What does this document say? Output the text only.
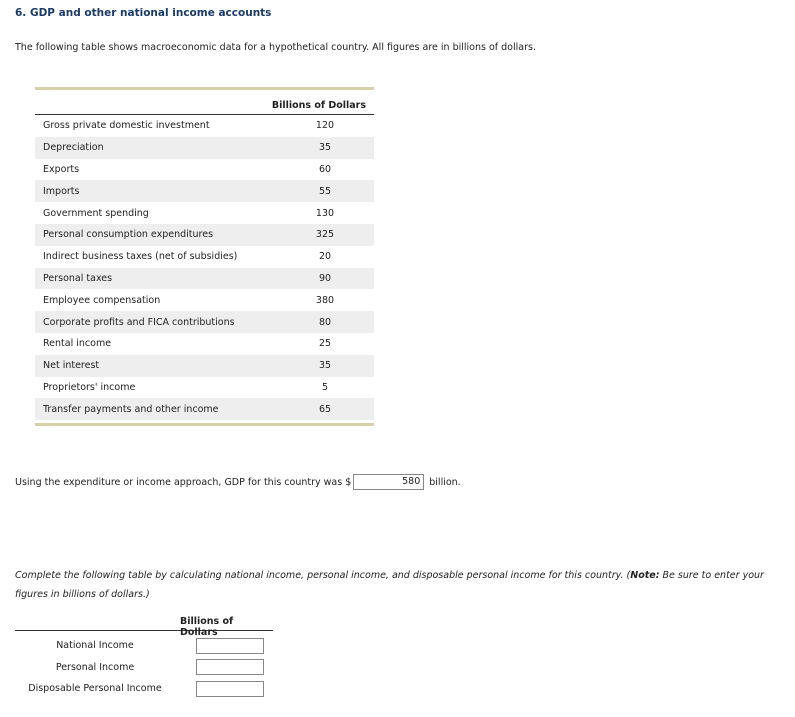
6. GDP and other national income accounts
The following table shows macroeconomic data for a hypothetical country. All figures are in billions of dollars.
Billions of Dollars
Gross private domestic investment	120
Depreciation	35
Exports	60
Imports	55
Government spending	130
Personal consumption expenditures	325
Indirect business taxes (net of subsidies)	20
Personal taxes	90
Employee compensation	380
Corporate profits and FICA contributions	80
Rental income	25
Net interest	35
Proprietors' income	5
Transfer payments and other income	65
Using the expenditure or income approach, GDP for this country was $	580 billion.
Complete the following table by calculating national income, personal income, and disposable personal income for this country. (Note: Be sure to enter your figures in billions of dollars.)
Billions of Dollars
National Income
Personal Income
Disposable Personal Income
